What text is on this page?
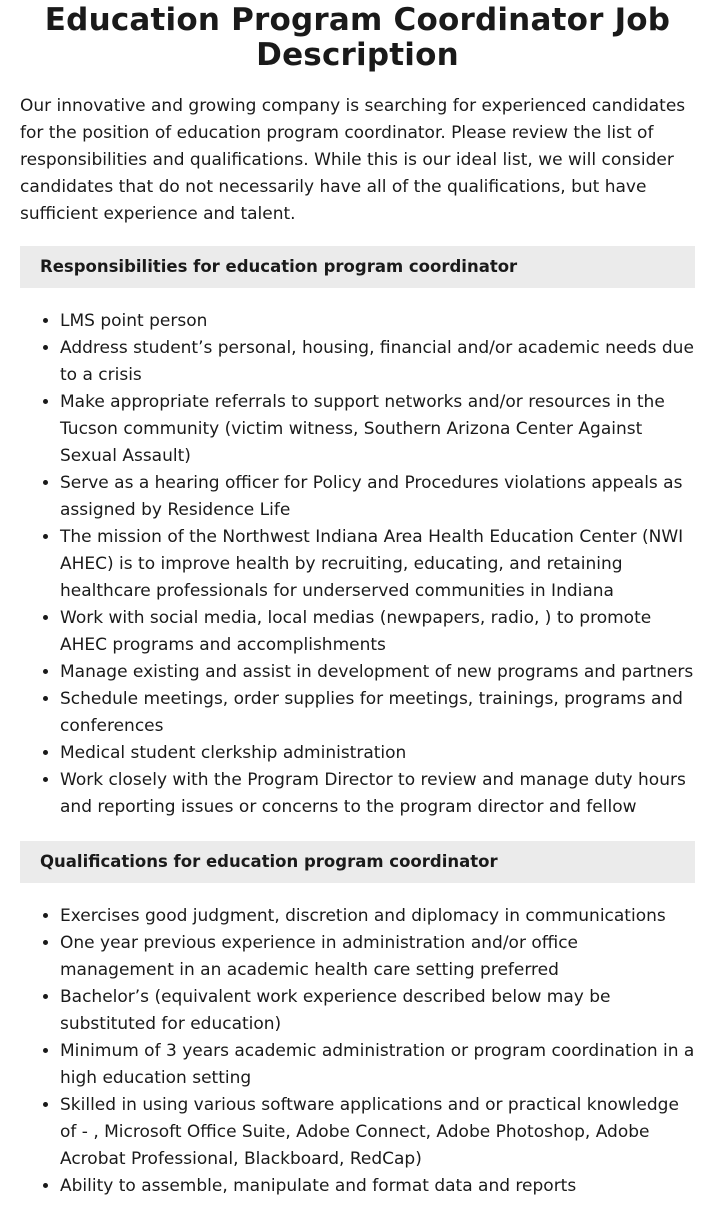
Education Program Coordinator Job Description

Our innovative and growing company is searching for experienced candidates for the position of education program coordinator. Please review the list of responsibilities and qualifications. While this is our ideal list, we will consider candidates that do not necessarily have all of the qualifications, but have sufficient experience and talent.

Responsibilities for education program coordinator
• LMS point person
• Address student’s personal, housing, financial and/or academic needs due to a crisis
• Make appropriate referrals to support networks and/or resources in the Tucson community (victim witness, Southern Arizona Center Against Sexual Assault)
• Serve as a hearing officer for Policy and Procedures violations appeals as assigned by Residence Life
• The mission of the Northwest Indiana Area Health Education Center (NWI AHEC) is to improve health by recruiting, educating, and retaining healthcare professionals for underserved communities in Indiana
• Work with social media, local medias (newpapers, radio, ) to promote AHEC programs and accomplishments
• Manage existing and assist in development of new programs and partners
• Schedule meetings, order supplies for meetings, trainings, programs and conferences
• Medical student clerkship administration
• Work closely with the Program Director to review and manage duty hours and reporting issues or concerns to the program director and fellow
Qualifications for education program coordinator
• Exercises good judgment, discretion and diplomacy in communications
• One year previous experience in administration and/or office management in an academic health care setting preferred
• Bachelor’s (equivalent work experience described below may be substituted for education)
• Minimum of 3 years academic administration or program coordination in a high education setting
• Skilled in using various software applications and or practical knowledge of - , Microsoft Office Suite, Adobe Connect, Adobe Photoshop, Adobe Acrobat Professional, Blackboard, RedCap)
• Ability to assemble, manipulate and format data and reports
